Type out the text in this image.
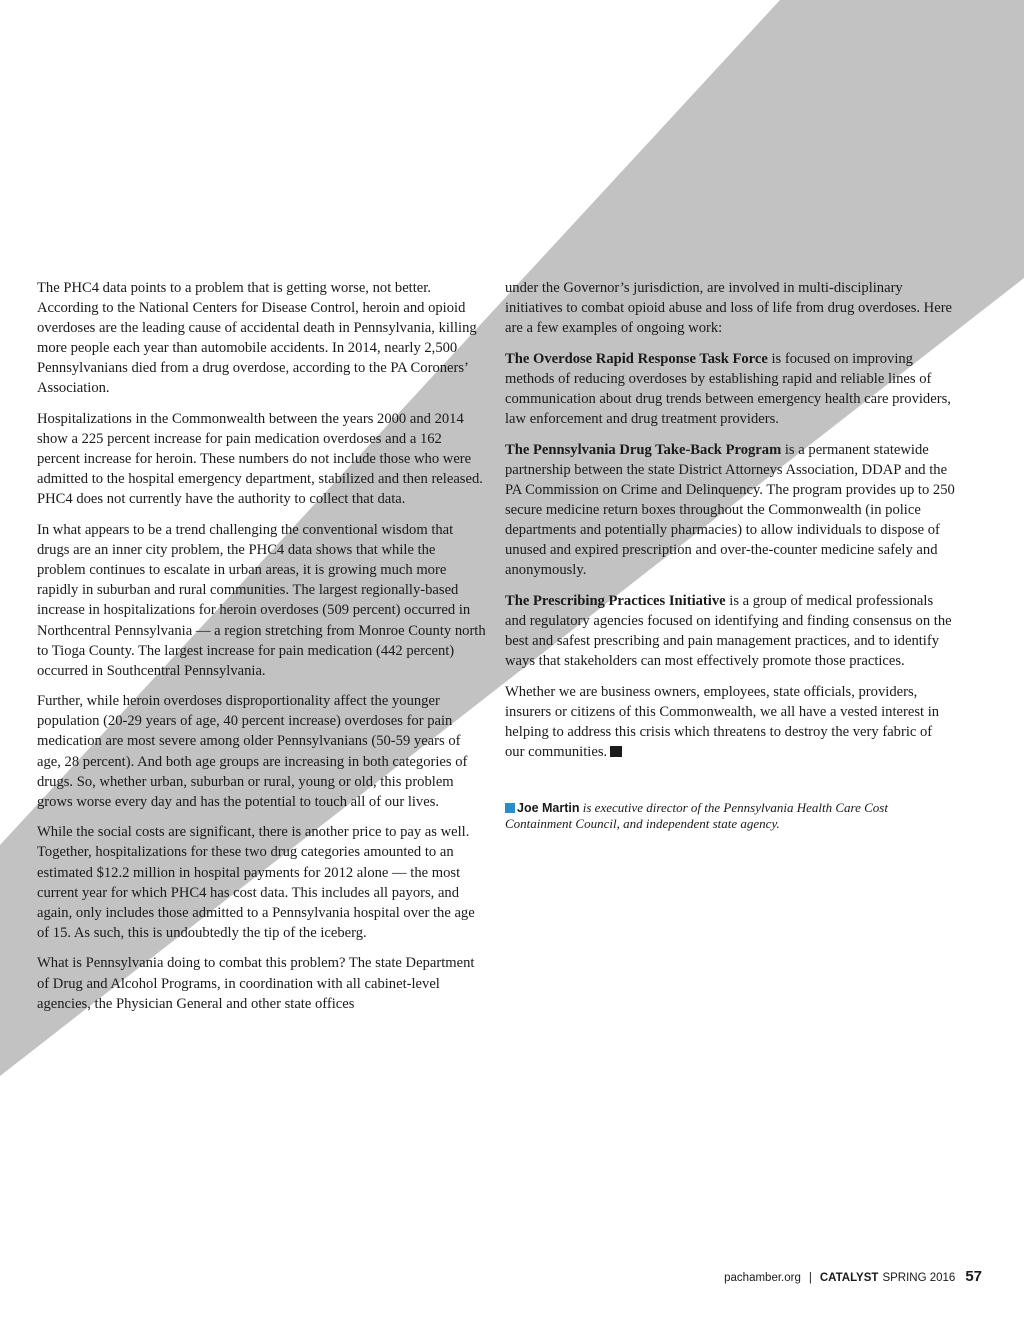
The PHC4 data points to a problem that is getting worse, not better. According to the National Centers for Disease Control, heroin and opioid overdoses are the leading cause of accidental death in Pennsylvania, killing more people each year than automobile accidents. In 2014, nearly 2,500 Pennsylvanians died from a drug overdose, according to the PA Coroners’ Association.

Hospitalizations in the Commonwealth between the years 2000 and 2014 show a 225 percent increase for pain medication overdoses and a 162 percent increase for heroin. These numbers do not include those who were admitted to the hospital emergency department, stabilized and then released. PHC4 does not currently have the authority to collect that data.

In what appears to be a trend challenging the conventional wisdom that drugs are an inner city problem, the PHC4 data shows that while the problem continues to escalate in urban areas, it is growing much more rapidly in suburban and rural communities. The largest regionally-based increase in hospitalizations for heroin overdoses (509 percent) occurred in Northcentral Pennsylvania — a region stretching from Monroe County north to Tioga County. The largest increase for pain medication (442 percent) occurred in Southcentral Pennsylvania.

Further, while heroin overdoses disproportionality affect the younger population (20-29 years of age, 40 percent increase) overdoses for pain medication are most severe among older Pennsylvanians (50-59 years of age, 28 percent). And both age groups are increasing in both categories of drugs. So, whether urban, suburban or rural, young or old, this problem grows worse every day and has the potential to touch all of our lives.

While the social costs are significant, there is another price to pay as well. Together, hospitalizations for these two drug categories amounted to an estimated $12.2 million in hospital payments for 2012 alone — the most current year for which PHC4 has cost data. This includes all payors, and again, only includes those admitted to a Pennsylvania hospital over the age of 15. As such, this is undoubtedly the tip of the iceberg.

What is Pennsylvania doing to combat this problem? The state Department of Drug and Alcohol Programs, in coordination with all cabinet-level agencies, the Physician General and other state offices

under the Governor’s jurisdiction, are involved in multi-disciplinary initiatives to combat opioid abuse and loss of life from drug overdoses. Here are a few examples of ongoing work:

The Overdose Rapid Response Task Force is focused on improving methods of reducing overdoses by establishing rapid and reliable lines of communication about drug trends between emergency health care providers, law enforcement and drug treatment providers.

The Pennsylvania Drug Take-Back Program is a permanent statewide partnership between the state District Attorneys Association, DDAP and the PA Commission on Crime and Delinquency. The program provides up to 250 secure medicine return boxes throughout the Commonwealth (in police departments and potentially pharmacies) to allow individuals to dispose of unused and expired prescription and over-the-counter medicine safely and anonymously.

The Prescribing Practices Initiative is a group of medical professionals and regulatory agencies focused on identifying and finding consensus on the best and safest prescribing and pain management practices, and to identify ways that stakeholders can most effectively promote those practices.

Whether we are business owners, employees, state officials, providers, insurers or citizens of this Commonwealth, we all have a vested interest in helping to address this crisis which threatens to destroy the very fabric of our communities.

Joe Martin is executive director of the Pennsylvania Health Care Cost Containment Council, and independent state agency.
pachamber.org | CATALYST SPRING 2016 57
